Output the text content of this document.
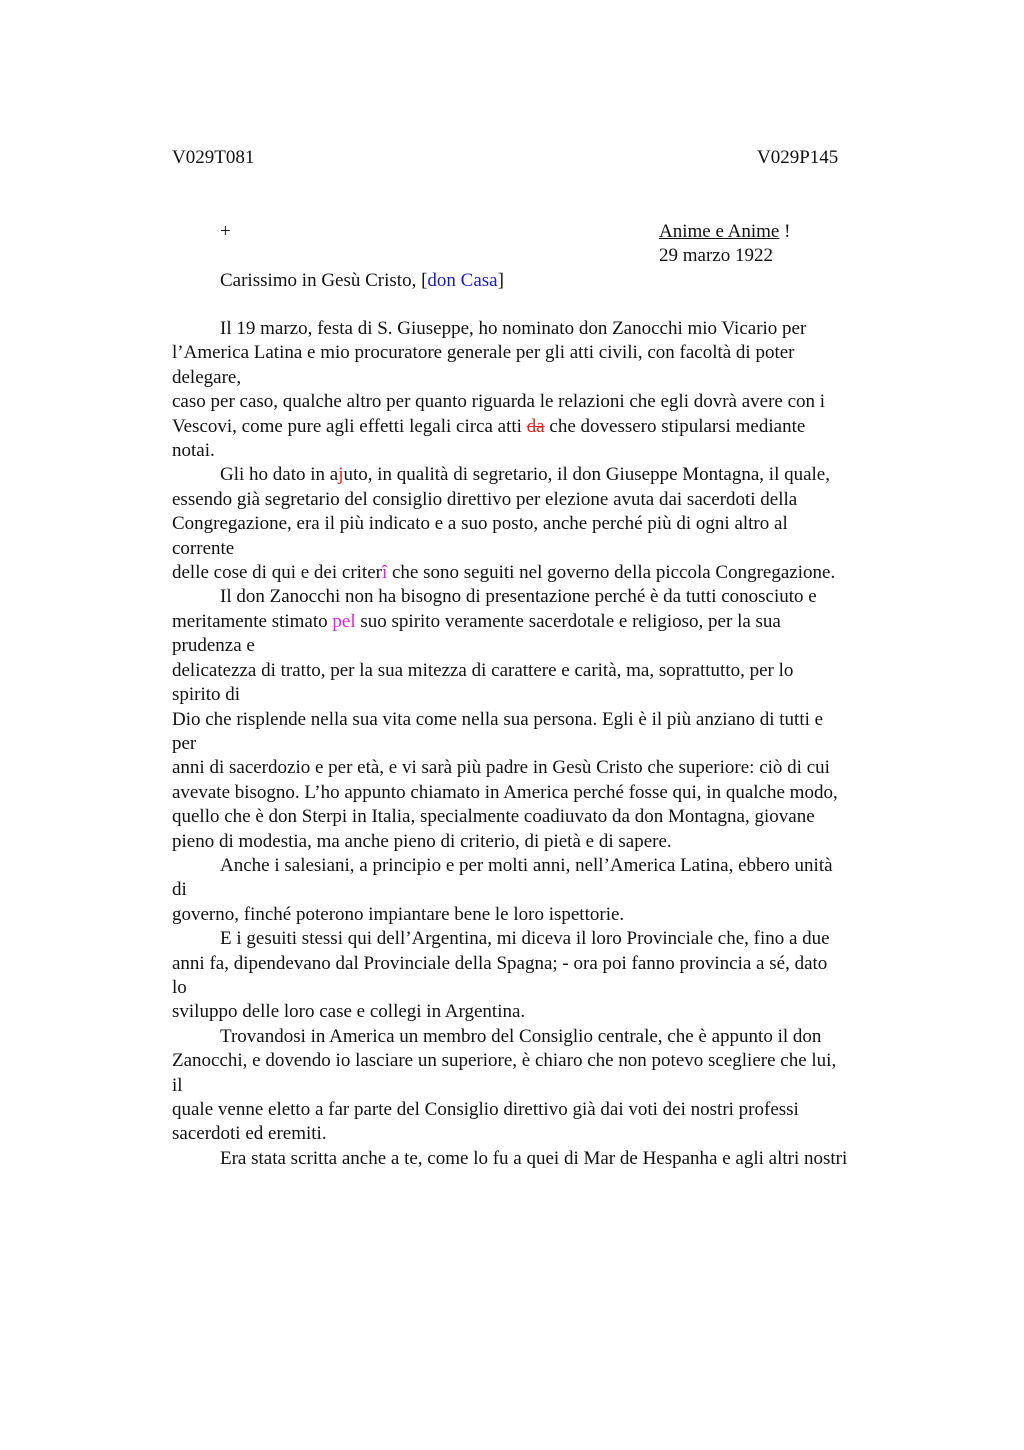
V029T081	V029P145
+	Anime e Anime !
29 marzo 1922
Carissimo in Gesù Cristo, [don Casa]
Il 19 marzo, festa di S. Giuseppe, ho nominato don Zanocchi mio Vicario per
l’America Latina e mio procuratore generale per gli atti civili, con facoltà di poter
delegare,
caso per caso, qualche altro per quanto riguarda le relazioni che egli dovrà avere con i
Vescovi, come pure agli effetti legali circa atti da che dovessero stipularsi mediante
notai.
Gli ho dato in ajuto, in qualità di segretario, il don Giuseppe Montagna, il quale,
essendo già segretario del consiglio direttivo per elezione avuta dai sacerdoti della
Congregazione, era il più indicato e a suo posto, anche perché più di ogni altro al
corrente
delle cose di qui e dei criterî che sono seguiti nel governo della piccola Congregazione.
Il don Zanocchi non ha bisogno di presentazione perché è da tutti conosciuto e
meritamente stimato pel suo spirito veramente sacerdotale e religioso, per la sua
prudenza e
delicatezza di tratto, per la sua mitezza di carattere e carità, ma, soprattutto, per lo
spirito di
Dio che risplende nella sua vita come nella sua persona. Egli è il più anziano di tutti e
per
anni di sacerdozio e per età, e vi sarà più padre in Gesù Cristo che superiore: ciò di cui
avevate bisogno. L’ho appunto chiamato in America perché fosse qui, in qualche modo,
quello che è don Sterpi in Italia, specialmente coadiuvato da don Montagna, giovane
pieno di modestia, ma anche pieno di criterio, di pietà e di sapere.
Anche i salesiani, a principio e per molti anni, nell’America Latina, ebbero unità
di
governo, finché poterono impiantare bene le loro ispettorie.
E i gesuiti stessi qui dell’Argentina, mi diceva il loro Provinciale che, fino a due
anni fa, dipendevano dal Provinciale della Spagna; - ora poi fanno provincia a sé, dato
lo
sviluppo delle loro case e collegi in Argentina.
Trovandosi in America un membro del Consiglio centrale, che è appunto il don
Zanocchi, e dovendo io lasciare un superiore, è chiaro che non potevo scegliere che lui,
il
quale venne eletto a far parte del Consiglio direttivo già dai voti dei nostri professi
sacerdoti ed eremiti.
Era stata scritta anche a te, come lo fu a quei di Mar de Hespanha e agli altri nostri
